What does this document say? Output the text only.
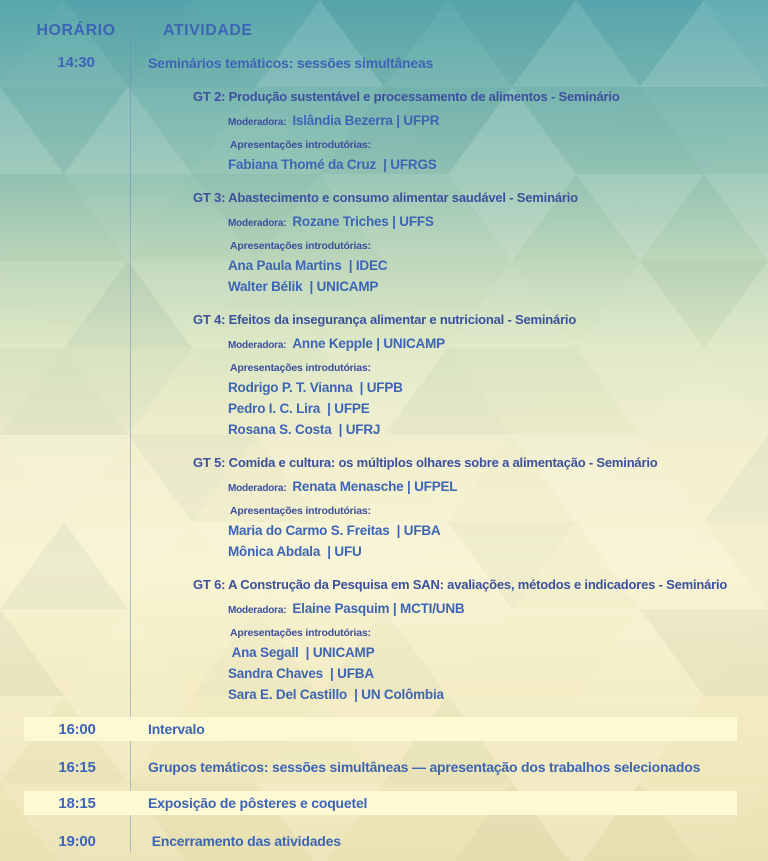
HORÁRIO	ATIVIDADE
14:30	Seminários temáticos: sessões simultâneas
GT 2: Produção sustentável e processamento de alimentos - Seminário
Moderadora: Islândia Bezerra | UFPR
Apresentações introdutórias:
Fabiana Thomé da Cruz  | UFRGS
GT 3: Abastecimento e consumo alimentar saudável - Seminário
Moderadora: Rozane Triches | UFFS
Apresentações introdutórias:
Ana Paula Martins  | IDEC
Walter Bélik  | UNICAMP
GT 4: Efeitos da insegurança alimentar e nutricional - Seminário
Moderadora: Anne Kepple | UNICAMP
Apresentações introdutórias:
Rodrigo P. T. Vianna  | UFPB
Pedro I. C. Lira  | UFPE
Rosana S. Costa  | UFRJ
GT 5: Comida e cultura: os múltiplos olhares sobre a alimentação - Seminário
Moderadora: Renata Menasche | UFPEL
Apresentações introdutórias:
Maria do Carmo S. Freitas  | UFBA
Mônica Abdala  | UFU
GT 6: A Construção da Pesquisa em SAN: avaliações, métodos e indicadores - Seminário
Moderadora: Elaine Pasquim | MCTI/UNB
Apresentações introdutórias:
Ana Segall  | UNICAMP
Sandra Chaves  | UFBA
Sara E. Del Castillo  | UN Colômbia
16:00	Intervalo
16:15	Grupos temáticos: sessões simultâneas — apresentação dos trabalhos selecionados
18:15	Exposição de pôsteres e coquetel
19:00	Encerramento das atividades
